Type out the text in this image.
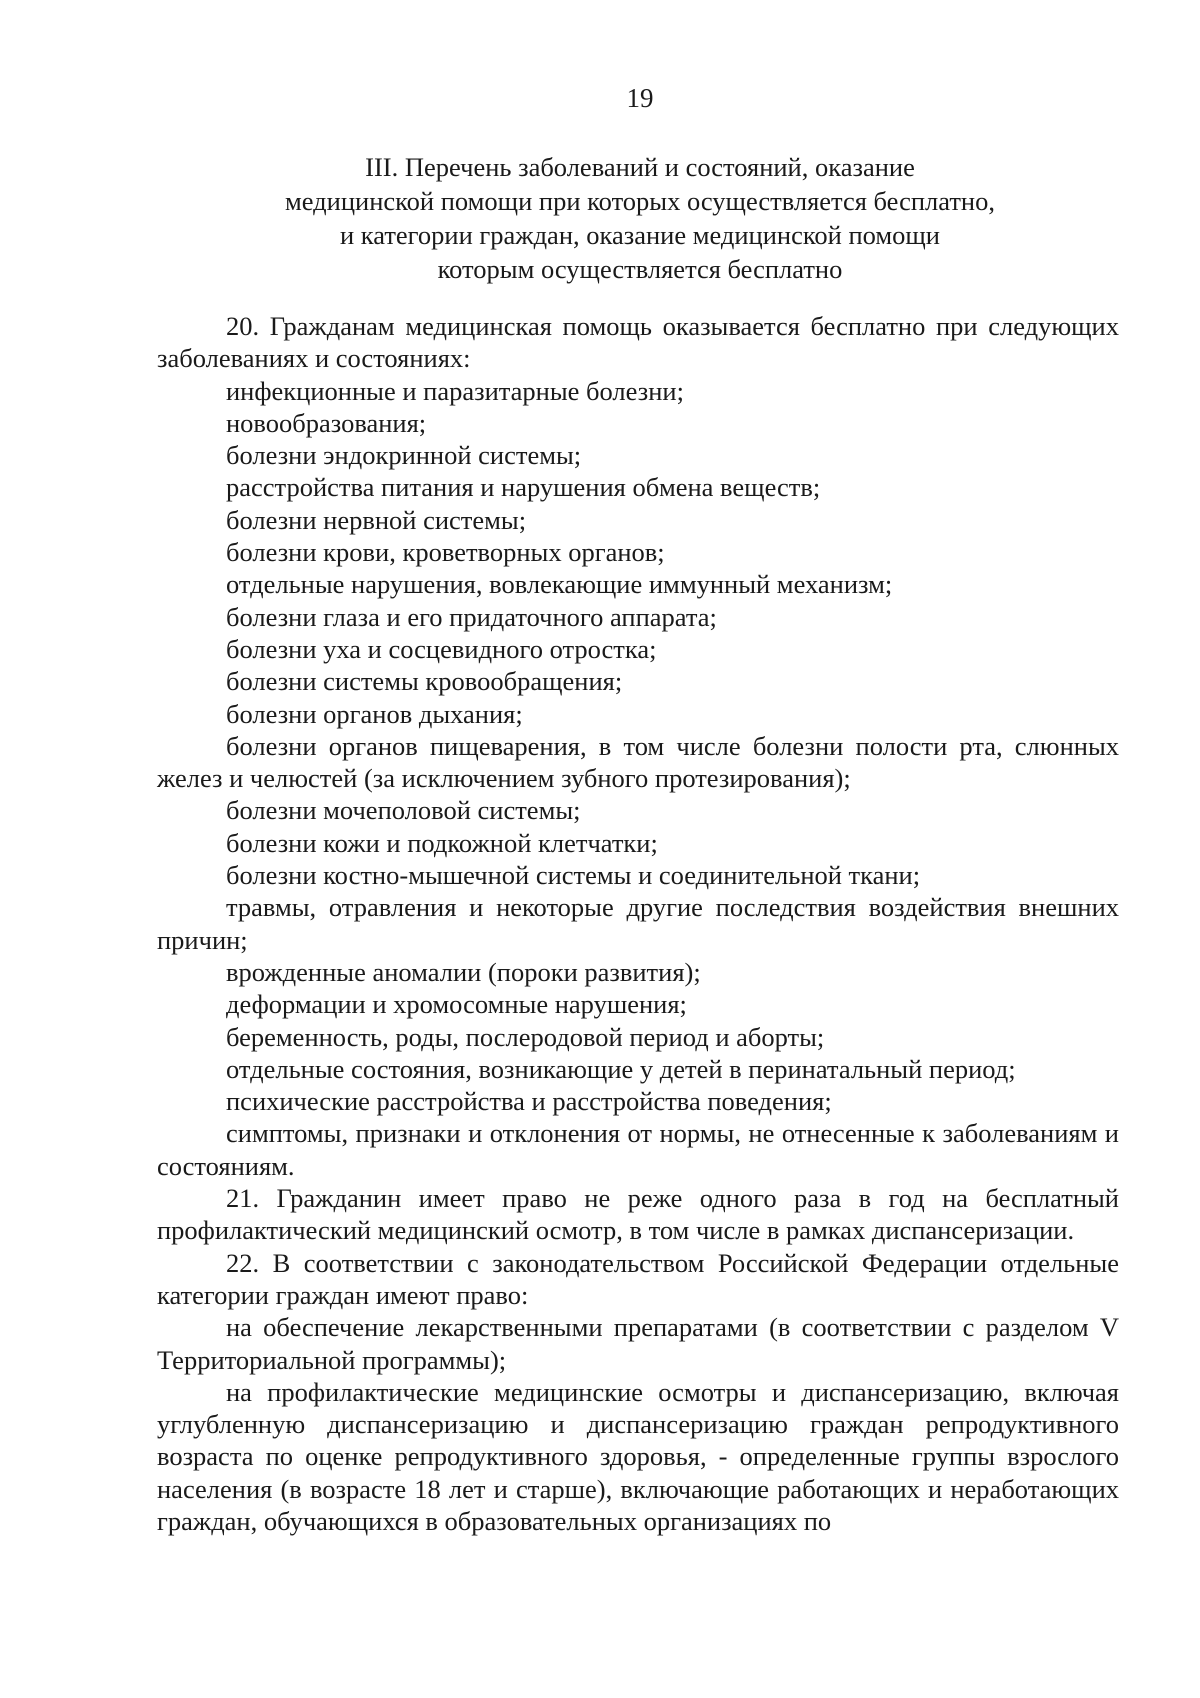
19
III. Перечень заболеваний и состояний, оказание
медицинской помощи при которых осуществляется бесплатно,
и категории граждан, оказание медицинской помощи
которым осуществляется бесплатно

20. Гражданам медицинская помощь оказывается бесплатно при следующих заболеваниях и состояниях:

инфекционные и паразитарные болезни;

новообразования;

болезни эндокринной системы;

расстройства питания и нарушения обмена веществ;

болезни нервной системы;

болезни крови, кроветворных органов;

отдельные нарушения, вовлекающие иммунный механизм;

болезни глаза и его придаточного аппарата;

болезни уха и сосцевидного отростка;

болезни системы кровообращения;

болезни органов дыхания;

болезни органов пищеварения, в том числе болезни полости рта, слюнных желез и челюстей (за исключением зубного протезирования);

болезни мочеполовой системы;

болезни кожи и подкожной клетчатки;

болезни костно-мышечной системы и соединительной ткани;

травмы, отравления и некоторые другие последствия воздействия внешних причин;

врожденные аномалии (пороки развития);

деформации и хромосомные нарушения;

беременность, роды, послеродовой период и аборты;

отдельные состояния, возникающие у детей в перинатальный период;

психические расстройства и расстройства поведения;

симптомы, признаки и отклонения от нормы, не отнесенные к заболеваниям и состояниям.

21. Гражданин имеет право не реже одного раза в год на бесплатный профилактический медицинский осмотр, в том числе в рамках диспансеризации.

22. В соответствии с законодательством Российской Федерации отдельные категории граждан имеют право:

на обеспечение лекарственными препаратами (в соответствии с разделом V Территориальной программы);

на профилактические медицинские осмотры и диспансеризацию, включая углубленную диспансеризацию и диспансеризацию граждан репродуктивного возраста по оценке репродуктивного здоровья, - определенные группы взрослого населения (в возрасте 18 лет и старше), включающие работающих и неработающих граждан, обучающихся в образовательных организациях по
